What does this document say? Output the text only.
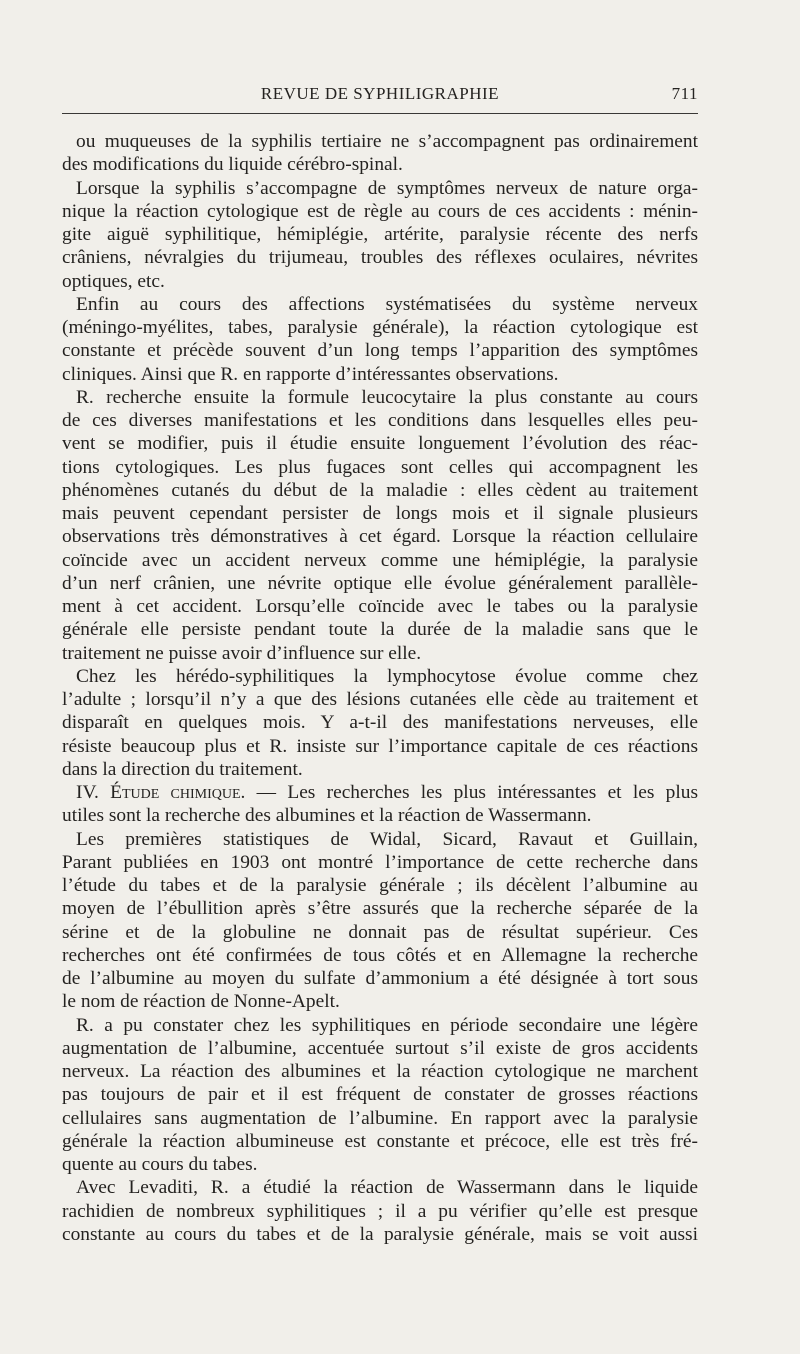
REVUE DE SYPHILIGRAPHIE	711
ou muqueuses de la syphilis tertiaire ne s’accompagnent pas ordinairement
des modifications du liquide cérébro-spinal.
Lorsque la syphilis s’accompagne de symptômes nerveux de nature orga-
nique la réaction cytologique est de règle au cours de ces accidents : ménin-
gite aiguë syphilitique, hémiplégie, artérite, paralysie récente des nerfs
crâniens, névralgies du trijumeau, troubles des réflexes oculaires, névrites
optiques, etc.
Enfin au cours des affections systématisées du système nerveux
(méningo-myélites, tabes, paralysie générale), la réaction cytologique est
constante et précède souvent d’un long temps l’apparition des symptômes
cliniques. Ainsi que R. en rapporte d’intéressantes observations.
R. recherche ensuite la formule leucocytaire la plus constante au cours
de ces diverses manifestations et les conditions dans lesquelles elles peu-
vent se modifier, puis il étudie ensuite longuement l’évolution des réac-
tions cytologiques. Les plus fugaces sont celles qui accompagnent les
phénomènes cutanés du début de la maladie : elles cèdent au traitement
mais peuvent cependant persister de longs mois et il signale plusieurs
observations très démonstratives à cet égard. Lorsque la réaction cellulaire
coïncide avec un accident nerveux comme une hémiplégie, la paralysie
d’un nerf crânien, une névrite optique elle évolue généralement parallèle-
ment à cet accident. Lorsqu’elle coïncide avec le tabes ou la paralysie
générale elle persiste pendant toute la durée de la maladie sans que le
traitement ne puisse avoir d’influence sur elle.
Chez les hérédo-syphilitiques la lymphocytose évolue comme chez
l’adulte ; lorsqu’il n’y a que des lésions cutanées elle cède au traitement et
disparaît en quelques mois. Y a-t-il des manifestations nerveuses, elle
résiste beaucoup plus et R. insiste sur l’importance capitale de ces réactions
dans la direction du traitement.
IV. Étude chimique. — Les recherches les plus intéressantes et les plus
utiles sont la recherche des albumines et la réaction de Wassermann.
Les premières statistiques de Widal, Sicard, Ravaut et Guillain,
Parant publiées en 1903 ont montré l’importance de cette recherche dans
l’étude du tabes et de la paralysie générale ; ils décèlent l’albumine au
moyen de l’ébullition après s’être assurés que la recherche séparée de la
sérine et de la globuline ne donnait pas de résultat supérieur. Ces
recherches ont été confirmées de tous côtés et en Allemagne la recherche
de l’albumine au moyen du sulfate d’ammonium a été désignée à tort sous
le nom de réaction de Nonne-Apelt.
R. a pu constater chez les syphilitiques en période secondaire une légère
augmentation de l’albumine, accentuée surtout s’il existe de gros accidents
nerveux. La réaction des albumines et la réaction cytologique ne marchent
pas toujours de pair et il est fréquent de constater de grosses réactions
cellulaires sans augmentation de l’albumine. En rapport avec la paralysie
générale la réaction albumineuse est constante et précoce, elle est très fré-
quente au cours du tabes.
Avec Levaditi, R. a étudié la réaction de Wassermann dans le liquide
rachidien de nombreux syphilitiques ; il a pu vérifier qu’elle est presque
constante au cours du tabes et de la paralysie générale, mais se voit aussi
